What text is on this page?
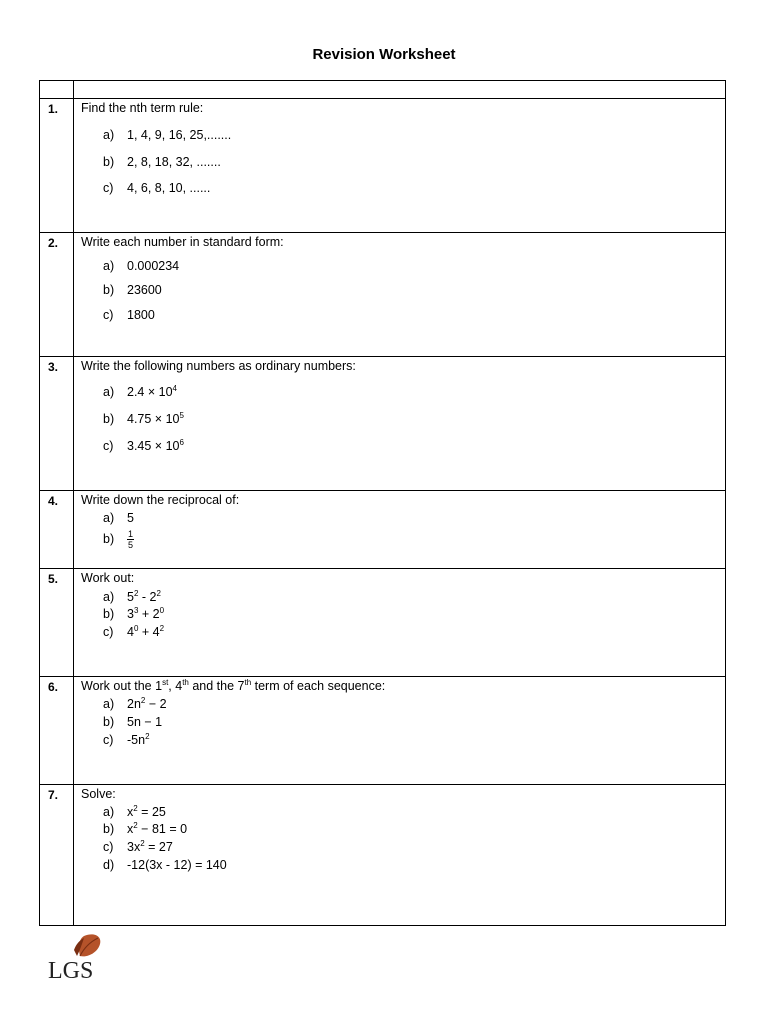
Revision Worksheet
1. Find the nth term rule:
a) 1, 4, 9, 16, 25,.......
b) 2, 8, 18, 32, .......
c) 4, 6, 8, 10, ......
2. Write each number in standard form:
a) 0.000234
b) 23600
c) 1800
3. Write the following numbers as ordinary numbers:
a) $2.4 \times 10^4$
b) $4.75 \times 10^5$
c) $3.45 \times 10^6$
4. Write down the reciprocal of:
a) 5
$b) \frac{1}{5}$
5. Work out:
a) $5^2 - 2^2$
b) $3^3 + 2^0$
c) $4^0 + 4^2$
6. Work out the 1st, 4th and the 7th term of each sequence:
a) $2n^2 - 2$
b) 5n − 1
c) $-5n^2$
7. Solve:
a) $x^2 = 25$
b) $x^2 - 81 = 0$
c) $3x^2 = 27$
d) -12(3x - 12) = 140
LGS
